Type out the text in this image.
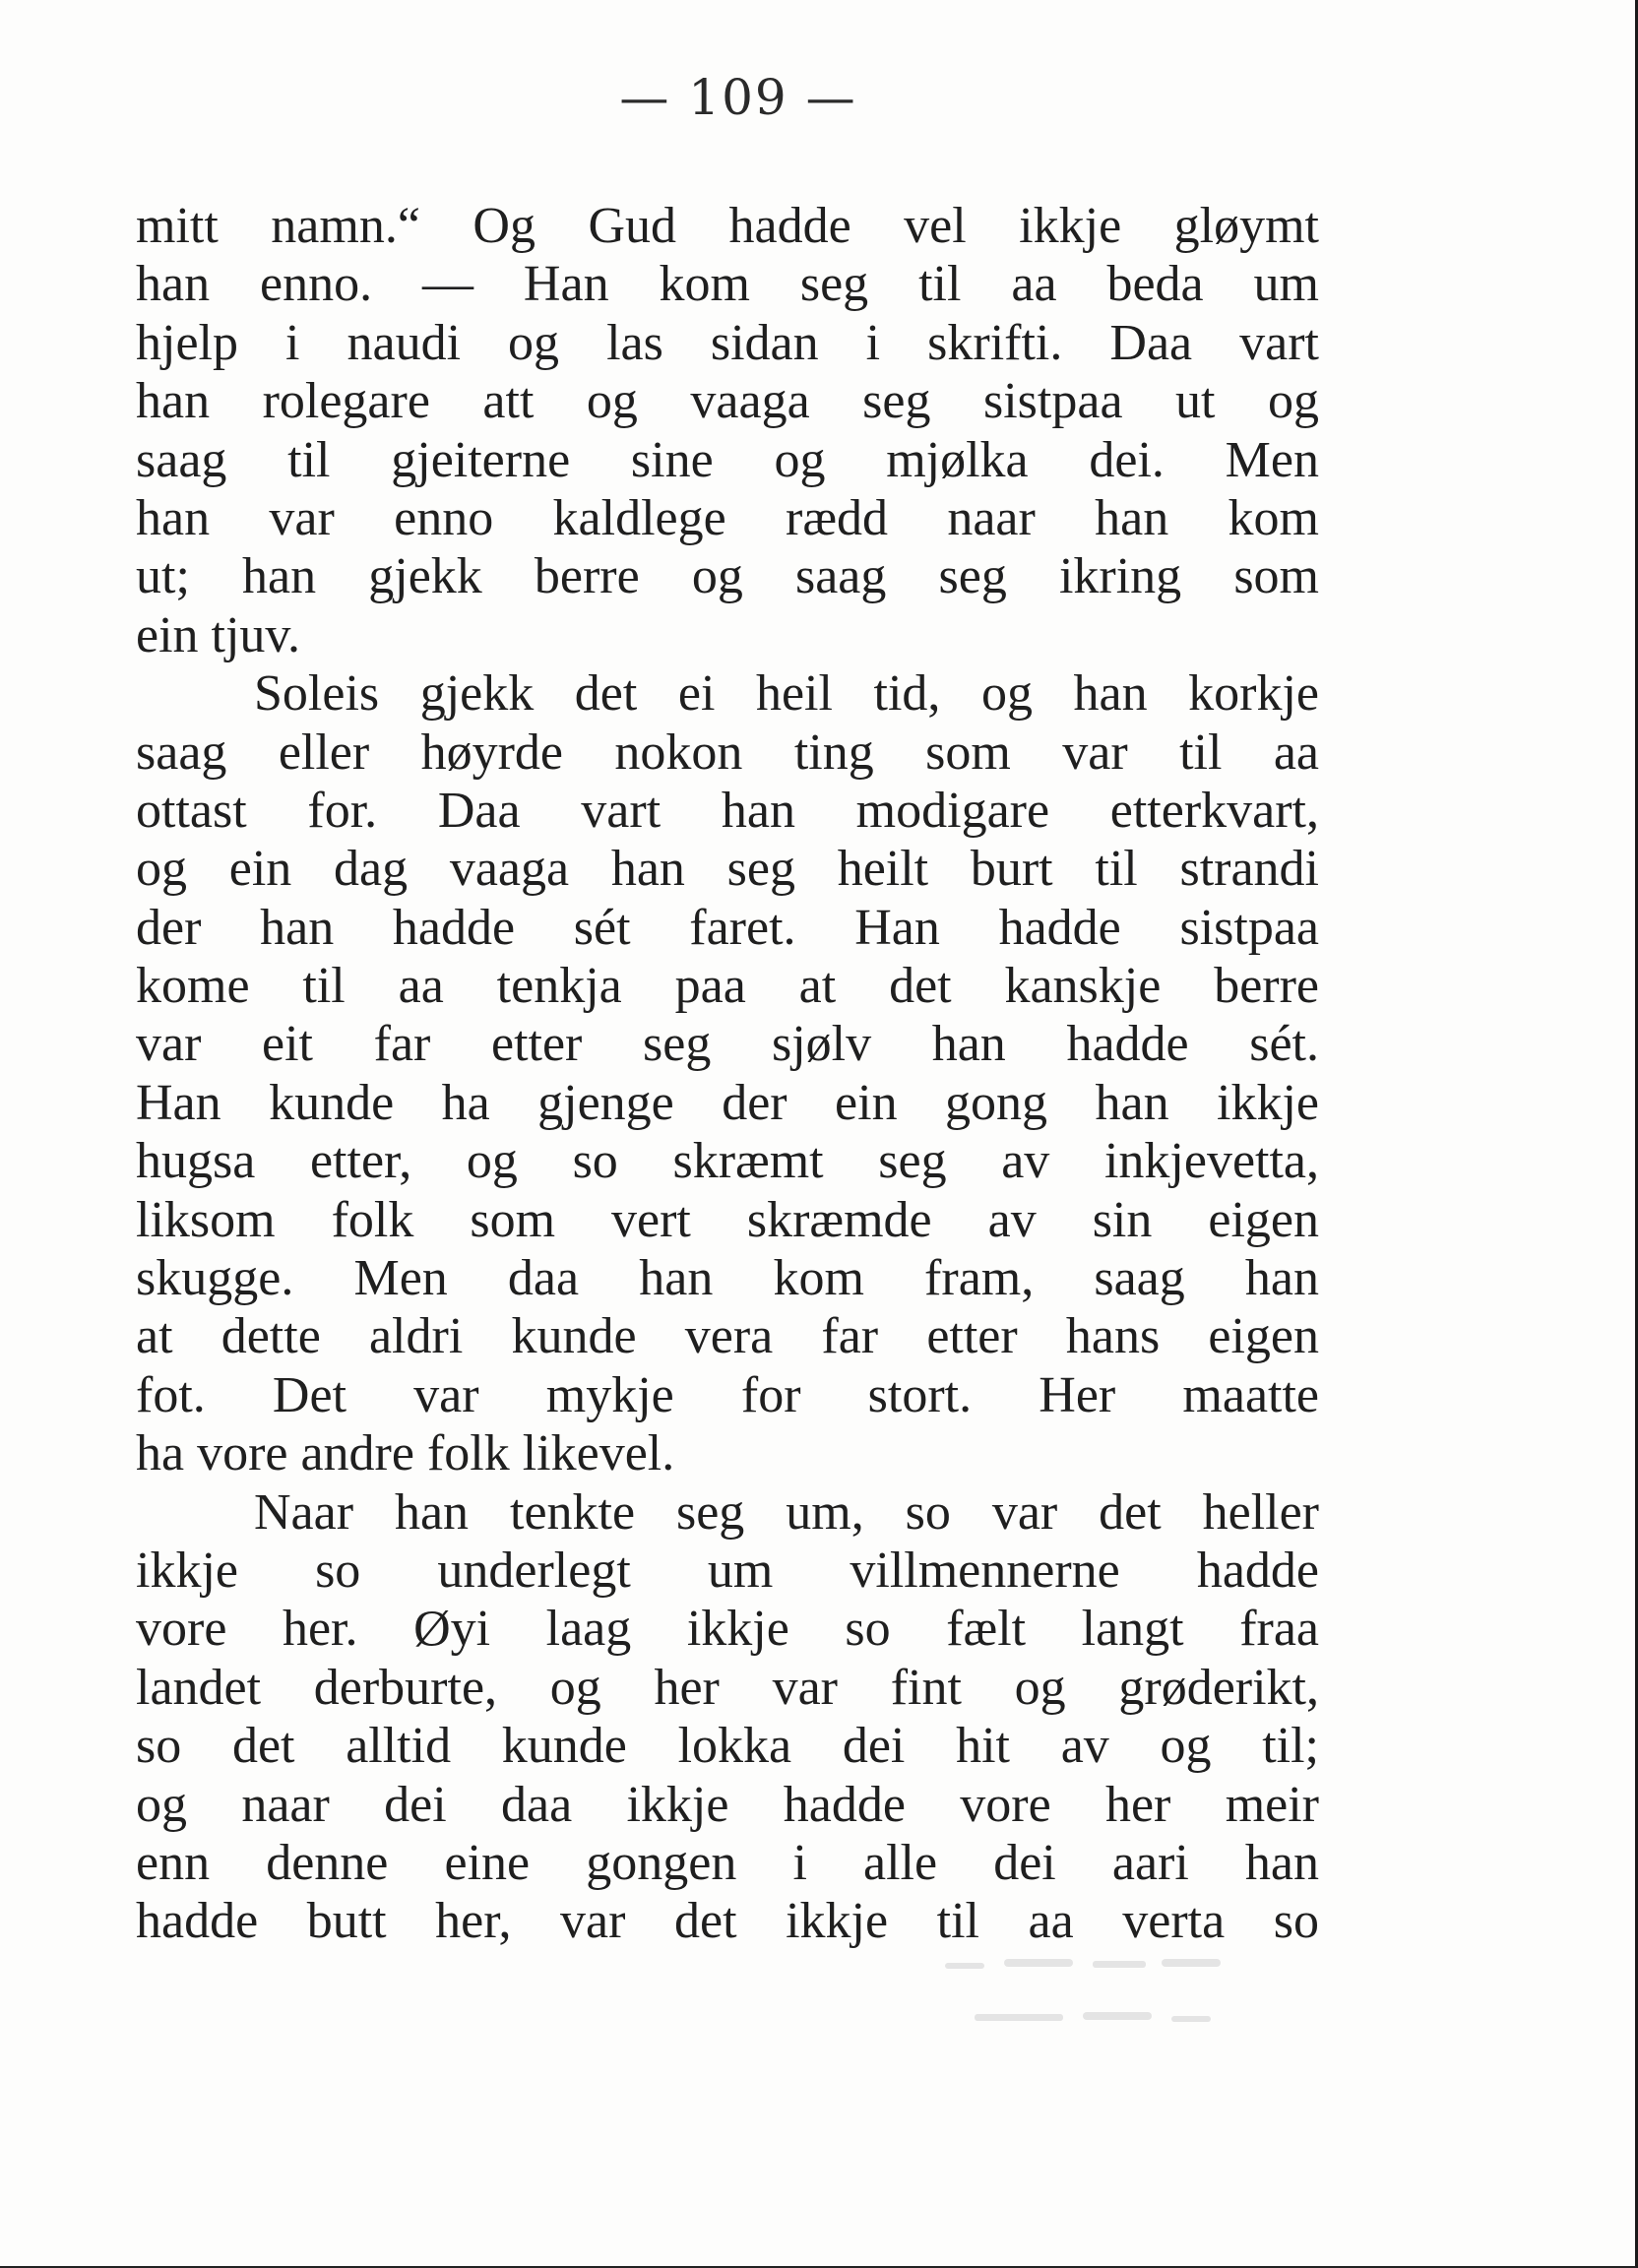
— 109 —
mitt namn.“ Og Gud hadde vel ikkje gløymt
han enno. — Han kom seg til aa beda um
hjelp i naudi og las sidan i skrifti. Daa vart
han rolegare att og vaaga seg sistpaa ut og
saag til gjeiterne sine og mjølka dei. Men
han var enno kaldlege rædd naar han kom
ut; han gjekk berre og saag seg ikring som
ein tjuv.
Soleis gjekk det ei heil tid, og han korkje
saag eller høyrde nokon ting som var til aa
ottast for. Daa vart han modigare etterkvart,
og ein dag vaaga han seg heilt burt til strandi
der han hadde sét faret. Han hadde sistpaa
kome til aa tenkja paa at det kanskje berre
var eit far etter seg sjølv han hadde sét.
Han kunde ha gjenge der ein gong han ikkje
hugsa etter, og so skræmt seg av inkjevetta,
liksom folk som vert skræmde av sin eigen
skugge. Men daa han kom fram, saag han
at dette aldri kunde vera far etter hans eigen
fot. Det var mykje for stort. Her maatte
ha vore andre folk likevel.
Naar han tenkte seg um, so var det heller
ikkje so underlegt um villmennerne hadde
vore her. Øyi laag ikkje so fælt langt fraa
landet derburte, og her var fint og grøderikt,
so det alltid kunde lokka dei hit av og til;
og naar dei daa ikkje hadde vore her meir
enn denne eine gongen i alle dei aari han
hadde butt her, var det ikkje til aa verta so
